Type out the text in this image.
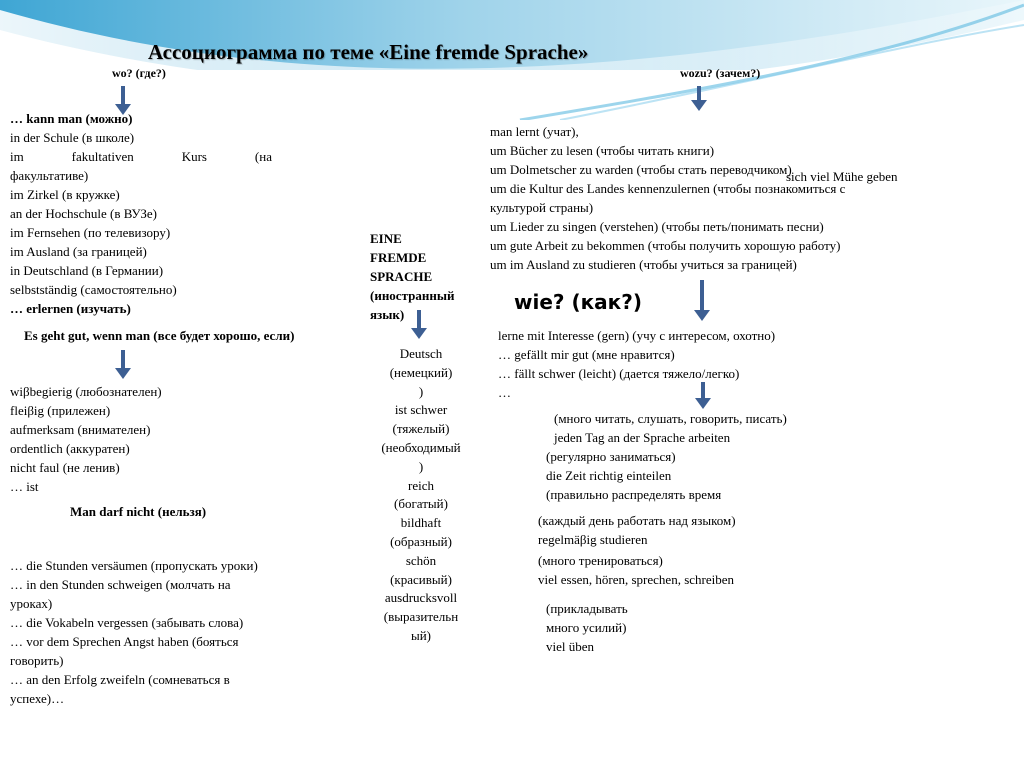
Ассоциограмма по теме «Eine fremde Sprache»
wo? (где?)
… kann man (можно)
in der Schule (в школе)
im	fakultativen	Kurs	(на
факультативе)
im Zirkel (в кружке)
an der Hochschule (в ВУЗе)
im Fernsehen (по телевизору)
im Ausland (за границей)
in Deutschland (в Германии)
selbstständig (самостоятельно)
… erlernen (изучать)
Es geht gut, wenn man (все будет хорошо, если)
wiβbegierig (любознателен)
fleiβig (прилежен)
aufmerksam (внимателен)
ordentlich (аккуратен)
nicht faul (не ленив)
… ist
Man darf nicht (нельзя)
… die Stunden versäumen (пропускать уроки)
… in den Stunden schweigen (молчать на
уроках)
… die Vokabeln vergessen (забывать слова)
… vor dem Sprechen Angst haben (бояться
говорить)
… an den Erfolg zweifeln (сомневаться в
успехе)…
EINE
FREMDE
SPRACHE
(иностранный
язык)
Deutsch
(немецкий)
)
ist schwer
(тяжелый)
(необходимый
)
reich
(богатый)
bildhaft
(образный)
schön
(красивый)
ausdrucksvoll
(выразительн
ый)
wozu? (зачем?)
man lernt (учат),
um Bücher zu lesen (чтобы читать книги)
um Dolmetscher zu warden (чтобы стать переводчиком)
um die Kultur des Landes kennenzulernen (чтобы познакомиться с
культурой страны)
um Lieder zu singen (verstehen) (чтобы петь/понимать песни)
um gute Arbeit zu bekommen (чтобы получить хорошую работу)
um im Ausland zu studieren (чтобы учиться за границей)
sich viel Mühe geben
wie? (как?)
lerne mit Interesse (gern) (учу с интересом, охотно)
… gefällt mir gut (мне нравится)
… fällt schwer (leicht) (дается тяжело/легко)
…
(много читать, слушать, говорить, писать)
jeden Tag an der Sprache arbeiten
(регулярно заниматься)
die Zeit richtig einteilen
(правильно распределять время
(каждый день работать над языком)
regelmäβig studieren
(много тренироваться)
viel essen, hören, sprechen, schreiben
(прикладывать
много усилий)
viel üben
